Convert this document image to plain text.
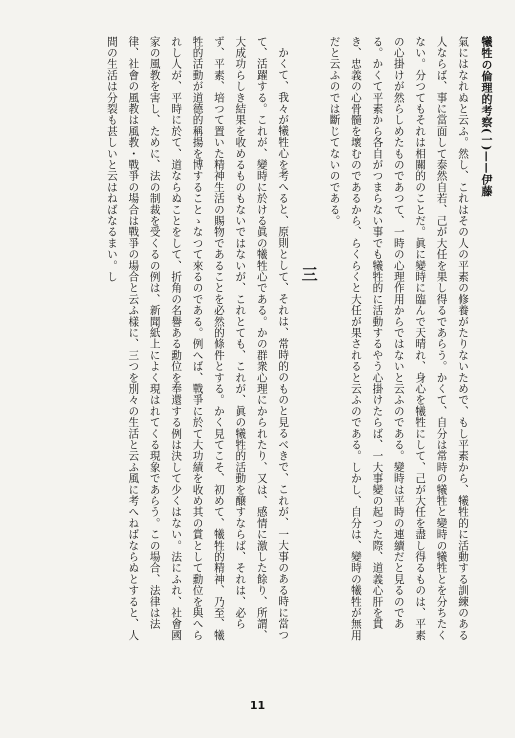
犧牲の倫理的考察(一)——伊藤

氣にはなれぬと云ふ。然し、これはその人の平素の修養がたりないためで、もし平素から、犧牲的に活動する訓練のある人ならば、事に當面して泰然自若、己が大任を果し得るであらう。かくて、自分は常時の犧牲と變時の犧牲とを分ちたくない。分つてもそれは相關的のことだ。眞に變時に臨んで天晴れ、身心を犧牲にして、己が大任を盡し得るものは、平素の心掛けが然らしめたものであつて、一時の心理作用からではないと云ふのである。變時は平時の連續だと見るのである。かくて平素から各自がつまらない事でも犧牲的に活動するやう心掛けたらば、一大事變の起つた際、道義心肝を貫き、忠義の心骨髓を壞むのであるから、らくらくと大任が果されると云ふのである。しかし、自分は、變時の犧牲が無用だと云ふのでは斷じてないのである。

三

かくて、我々が犧牲心を考へると、原則として、それは、常時的のものと見るべきで、これが、一大事のある時に當つて、活躍する。これが、變時に於ける眞の犧牲心である。かの群衆心理にかられたり、又は、感情に激した餘り、所謂、大成功らしき結果を收めるものもないではないが、これとても、これが、眞の犧牲的活動を醸すならば、それは、必らず、平素、培つて置いた精神生活の賜物であることを必然的條件とする。かく見てこそ、初めて、犧牲的精神、乃至、犧牲的活動が道德的稱揚を博することゝなつて來るのである。例へば、戰爭に於て大功績を收め其の賞として勳位を與へられし人が、平時に於て、道ならぬことをして、折角の名譽ある勳位を奉還する例は決して少くはない。法にふれ、社會國家の風教を害し、ために、法の制裁を受くるの例は、新聞紙上によく現はれてくる現象であらう。この場合、法律は法律、社會の風教は風教・戰爭の場合は戰爭の場合と云ふ樣に、三つを別々の生活と云ふ風に考へねばならぬとすると、人間の生活は分裂も甚しいと云はねばなるまい。し

11
